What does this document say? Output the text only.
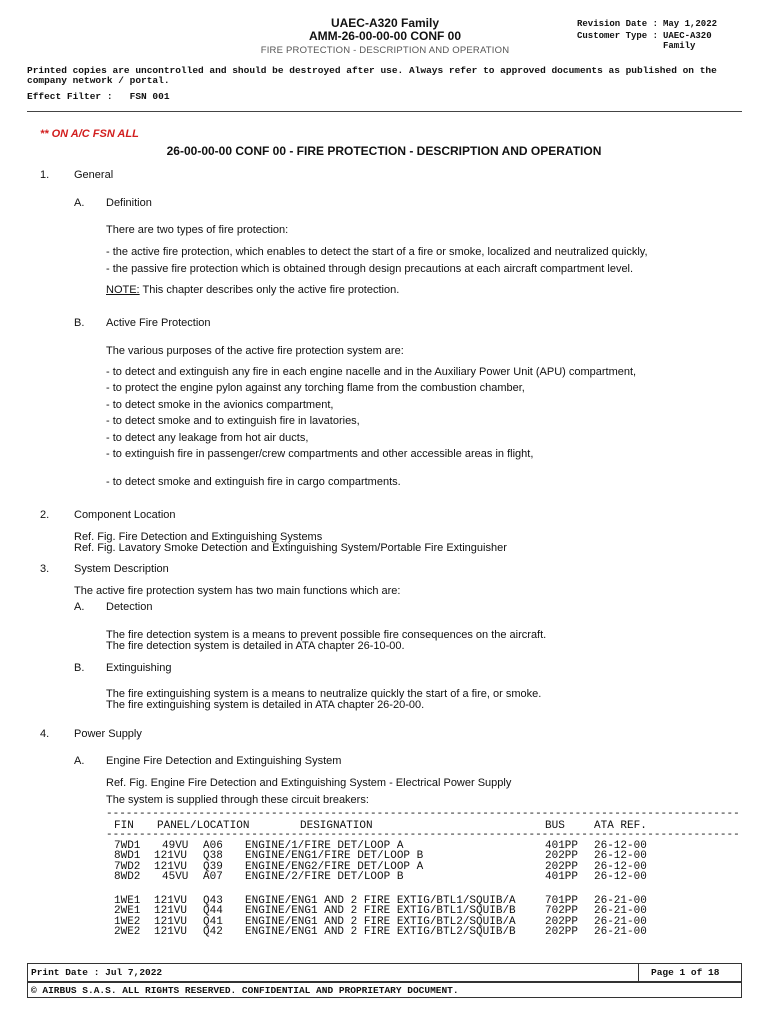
UAEC-A320 Family
AMM-26-00-00-00 CONF 00
FIRE PROTECTION - DESCRIPTION AND OPERATION
Revision Date : May 1,2022
Customer Type : UAEC-A320 Family
Printed copies are uncontrolled and should be destroyed after use. Always refer to approved documents as published on the company network / portal.
Effect Filter : FSN 001
** ON A/C FSN ALL
26-00-00-00 CONF 00 - FIRE PROTECTION - DESCRIPTION AND OPERATION
1. General
A. Definition
There are two types of fire protection:
- the active fire protection, which enables to detect the start of a fire or smoke, localized and neutralized quickly,
- the passive fire protection which is obtained through design precautions at each aircraft compartment level.
NOTE: This chapter describes only the active fire protection.
B. Active Fire Protection
The various purposes of the active fire protection system are:
- to detect and extinguish any fire in each engine nacelle and in the Auxiliary Power Unit (APU) compartment,
- to protect the engine pylon against any torching flame from the combustion chamber,
- to detect smoke in the avionics compartment,
- to detect smoke and to extinguish fire in lavatories,
- to detect any leakage from hot air ducts,
- to extinguish fire in passenger/crew compartments and other accessible areas in flight,
- to detect smoke and extinguish fire in cargo compartments.
2. Component Location
Ref. Fig. Fire Detection and Extinguishing Systems
Ref. Fig. Lavatory Smoke Detection and Extinguishing System/Portable Fire Extinguisher
3. System Description
The active fire protection system has two main functions which are:
A. Detection
The fire detection system is a means to prevent possible fire consequences on the aircraft.
The fire detection system is detailed in ATA chapter 26-10-00.
B. Extinguishing
The fire extinguishing system is a means to neutralize quickly the start of a fire, or smoke.
The fire extinguishing system is detailed in ATA chapter 26-20-00.
4. Power Supply
A. Engine Fire Detection and Extinguishing System
Ref. Fig. Engine Fire Detection and Extinguishing System - Electrical Power Supply
The system is supplied through these circuit breakers:
------------------------------------------------------------------------------------------------
FIN PANEL/LOCATION	DESIGNATION	BUS	ATA REF.
------------------------------------------------------------------------------------------------
7WD1 49VU A06 ENGINE/1/FIRE DET/LOOP A	401PP 26-12-00
8WD1 121VU Q38 ENGINE/ENG1/FIRE DET/LOOP B	202PP 26-12-00
7WD2 121VU Q39 ENGINE/ENG2/FIRE DET/LOOP A	202PP 26-12-00
8WD2 45VU A07 ENGINE/2/FIRE DET/LOOP B	401PP 26-12-00
1WE1 121VU Q43 ENGINE/ENG1 AND 2 FIRE EXTIG/BTL1/SQUIB/A	701PP 26-21-00
2WE1 121VU Q44 ENGINE/ENG1 AND 2 FIRE EXTIG/BTL1/SQUIB/B	702PP 26-21-00
1WE2 121VU Q41 ENGINE/ENG1 AND 2 FIRE EXTIG/BTL2/SQUIB/A	202PP 26-21-00
2WE2 121VU Q42 ENGINE/ENG1 AND 2 FIRE EXTIG/BTL2/SQUIB/B	202PP 26-21-00
Print Date : Jul 7,2022	Page 1 of 18
© AIRBUS S.A.S. ALL RIGHTS RESERVED. CONFIDENTIAL AND PROPRIETARY DOCUMENT.
